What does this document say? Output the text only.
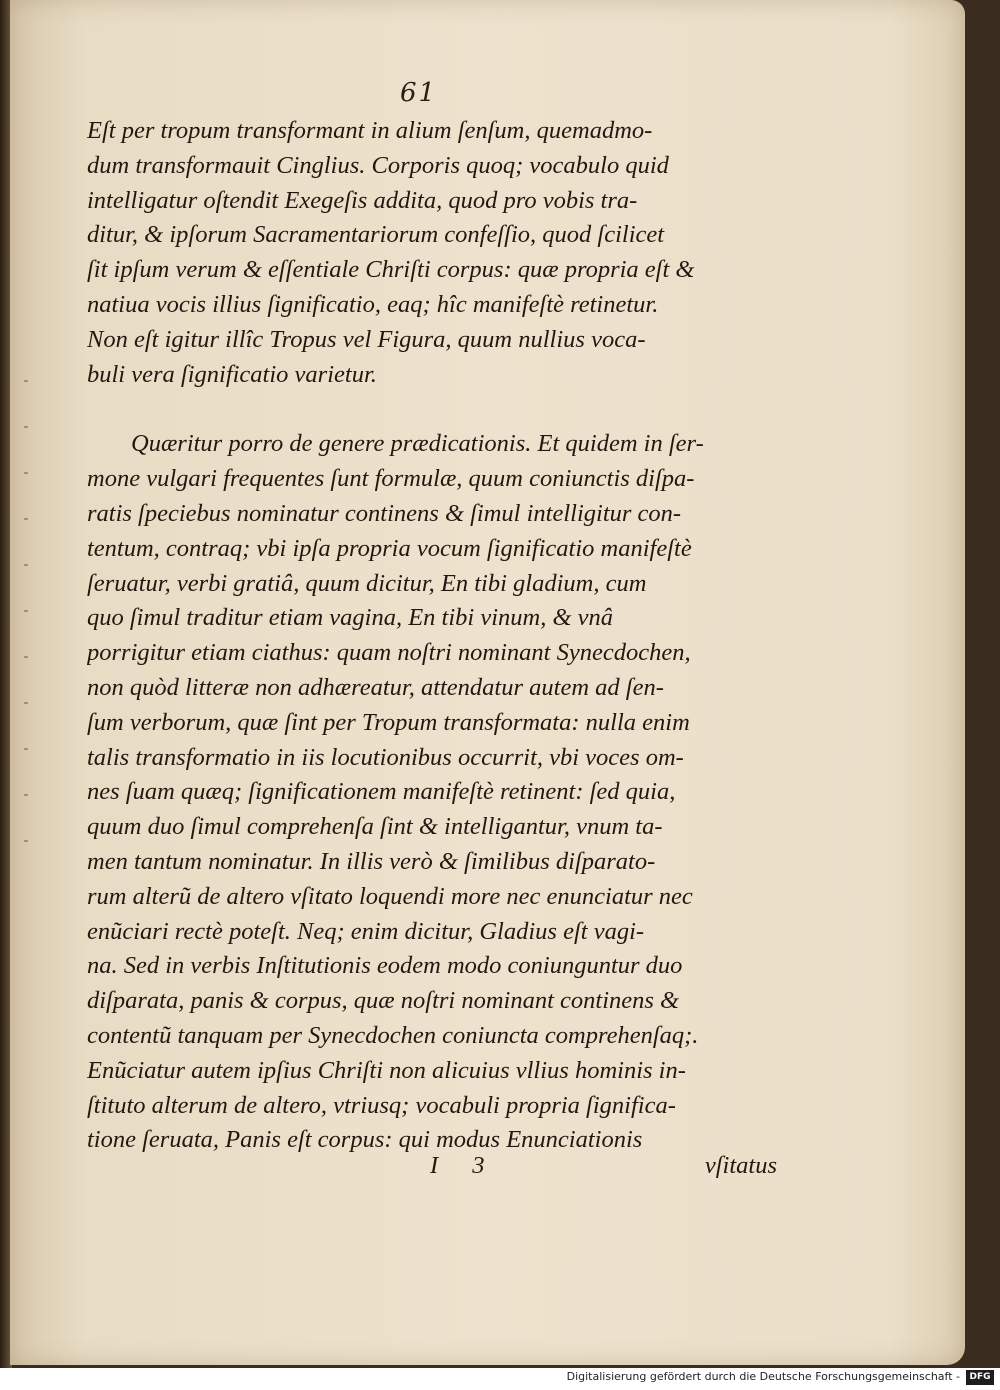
61
Eſt per tropum transformant in alium ſenſum, quemadmo-
dum transformauit Cinglius. Corporis quoq; vocabulo quid
intelligatur oſtendit Exegeſis addita, quod pro vobis tra-
ditur, & ipſorum Sacramentariorum confeſſio, quod ſcilicet
ſit ipſum verum & eſſentiale Chriſti corpus: quæ propria eſt &
natiua vocis illius ſignificatio, eaq; hîc manifeſtè retinetur.
Non eſt igitur illîc Tropus vel Figura, quum nullius voca-
buli vera ſignificatio varietur.
Quæritur porro de genere prædicationis. Et quidem in ſer-
mone vulgari frequentes ſunt formulæ, quum coniunctis diſpa-
ratis ſpeciebus nominatur continens & ſimul intelligitur con-
tentum, contraq; vbi ipſa propria vocum ſignificatio manifeſtè
ſeruatur, verbi gratiâ, quum dicitur, En tibi gladium, cum
quo ſimul traditur etiam vagina, En tibi vinum, & vnâ
porrigitur etiam ciathus: quam noſtri nominant Synecdochen,
non quòd litteræ non adhæreatur, attendatur autem ad ſen-
ſum verborum, quæ ſint per Tropum transformata: nulla enim
talis transformatio in iis locutionibus occurrit, vbi voces om-
nes ſuam quæq; ſignificationem manifeſtè retinent: ſed quia,
quum duo ſimul comprehenſa ſint & intelligantur, vnum ta-
men tantum nominatur. In illis verò & ſimilibus diſparato-
rum alterũ de altero vſitato loquendi more nec enunciatur nec
enũciari rectè poteſt. Neq; enim dicitur, Gladius eſt vagi-
na. Sed in verbis Inſtitutionis eodem modo coniunguntur duo
diſparata, panis & corpus, quæ noſtri nominant continens &
contentũ tanquam per Synecdochen coniuncta comprehenſaq;.
Enũciatur autem ipſius Chriſti non alicuius vllius hominis in-
ſtituto alterum de altero, vtriusq; vocabuli propria ſignifica-
tione ſeruata, Panis eſt corpus: qui modus Enunciationis
I 3	vſitatus
Digitalisierung gefördert durch die Deutsche Forschungsgemeinschaft -	DFG
